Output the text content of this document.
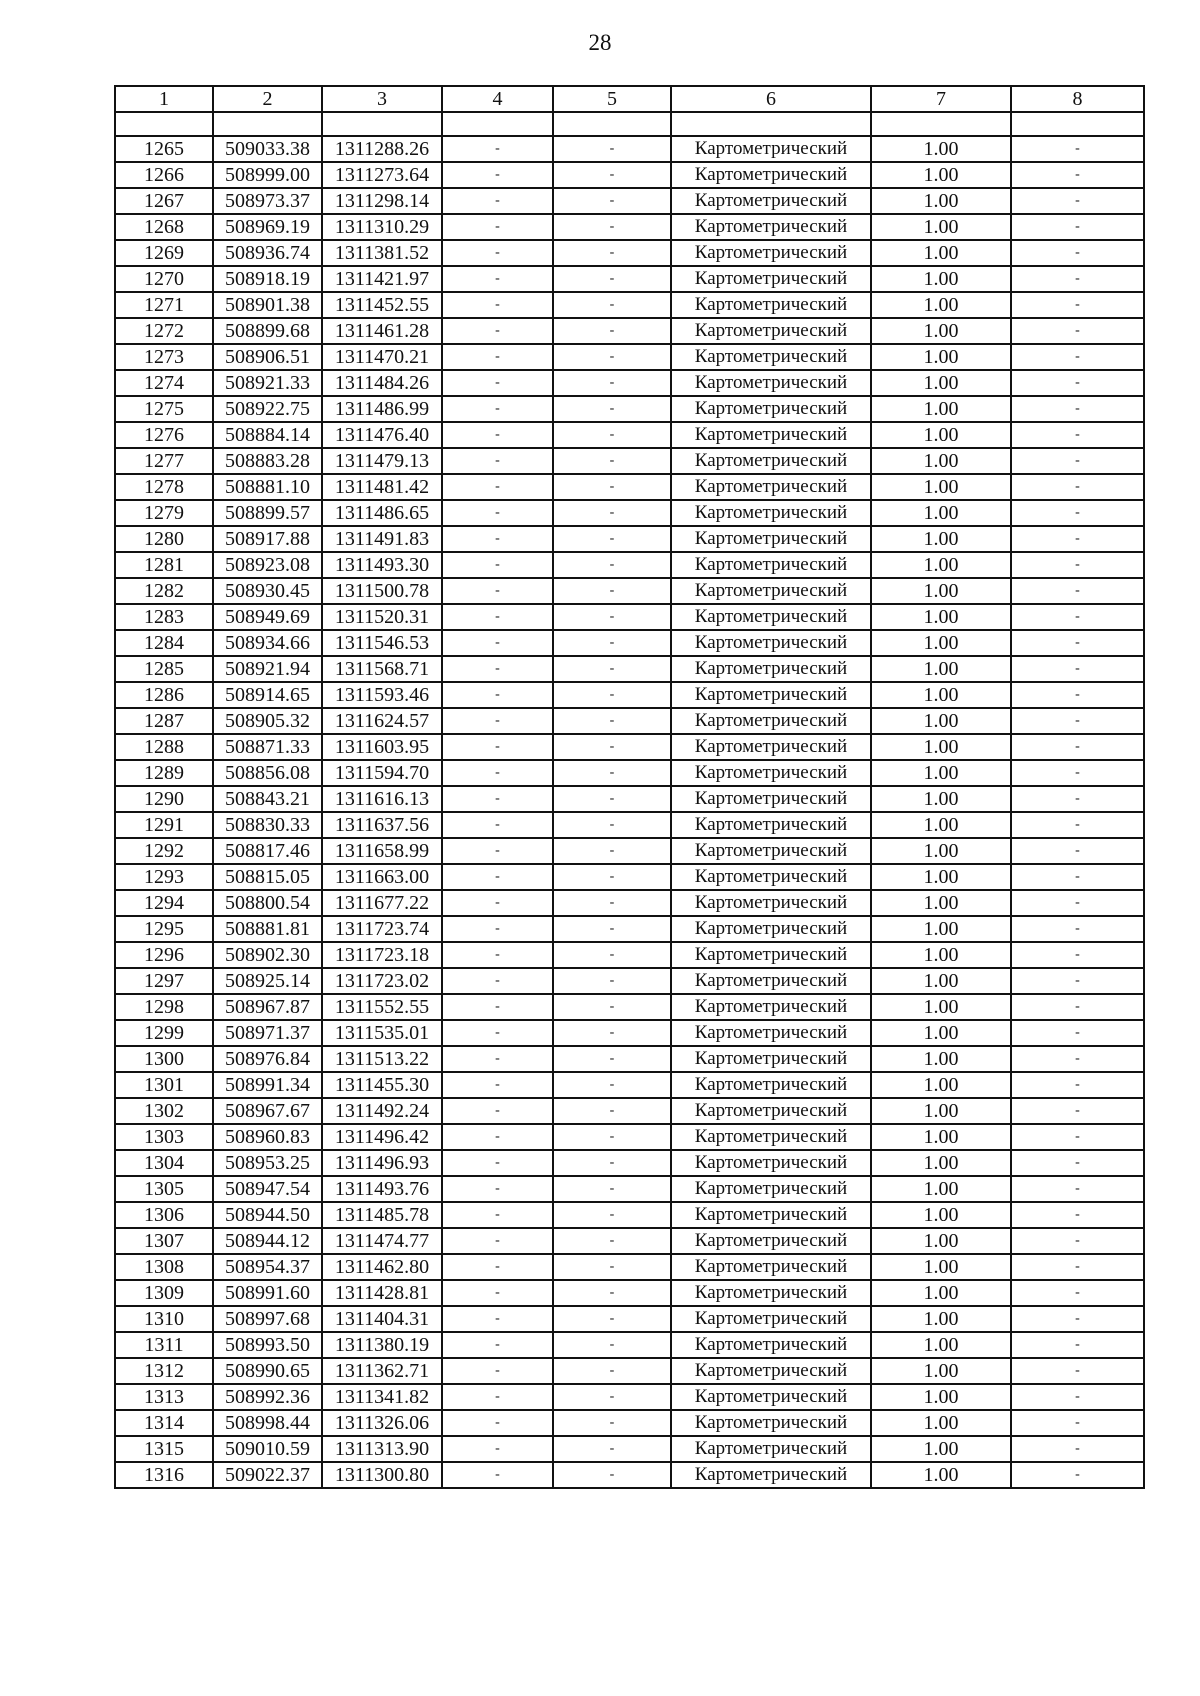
28
1	2	3	4	5	6	7	8

1265	509033.38	1311288.26	-	-	Картометрический	1.00	-
1266	508999.00	1311273.64	-	-	Картометрический	1.00	-
1267	508973.37	1311298.14	-	-	Картометрический	1.00	-
1268	508969.19	1311310.29	-	-	Картометрический	1.00	-
1269	508936.74	1311381.52	-	-	Картометрический	1.00	-
1270	508918.19	1311421.97	-	-	Картометрический	1.00	-
1271	508901.38	1311452.55	-	-	Картометрический	1.00	-
1272	508899.68	1311461.28	-	-	Картометрический	1.00	-
1273	508906.51	1311470.21	-	-	Картометрический	1.00	-
1274	508921.33	1311484.26	-	-	Картометрический	1.00	-
1275	508922.75	1311486.99	-	-	Картометрический	1.00	-
1276	508884.14	1311476.40	-	-	Картометрический	1.00	-
1277	508883.28	1311479.13	-	-	Картометрический	1.00	-
1278	508881.10	1311481.42	-	-	Картометрический	1.00	-
1279	508899.57	1311486.65	-	-	Картометрический	1.00	-
1280	508917.88	1311491.83	-	-	Картометрический	1.00	-
1281	508923.08	1311493.30	-	-	Картометрический	1.00	-
1282	508930.45	1311500.78	-	-	Картометрический	1.00	-
1283	508949.69	1311520.31	-	-	Картометрический	1.00	-
1284	508934.66	1311546.53	-	-	Картометрический	1.00	-
1285	508921.94	1311568.71	-	-	Картометрический	1.00	-
1286	508914.65	1311593.46	-	-	Картометрический	1.00	-
1287	508905.32	1311624.57	-	-	Картометрический	1.00	-
1288	508871.33	1311603.95	-	-	Картометрический	1.00	-
1289	508856.08	1311594.70	-	-	Картометрический	1.00	-
1290	508843.21	1311616.13	-	-	Картометрический	1.00	-
1291	508830.33	1311637.56	-	-	Картометрический	1.00	-
1292	508817.46	1311658.99	-	-	Картометрический	1.00	-
1293	508815.05	1311663.00	-	-	Картометрический	1.00	-
1294	508800.54	1311677.22	-	-	Картометрический	1.00	-
1295	508881.81	1311723.74	-	-	Картометрический	1.00	-
1296	508902.30	1311723.18	-	-	Картометрический	1.00	-
1297	508925.14	1311723.02	-	-	Картометрический	1.00	-
1298	508967.87	1311552.55	-	-	Картометрический	1.00	-
1299	508971.37	1311535.01	-	-	Картометрический	1.00	-
1300	508976.84	1311513.22	-	-	Картометрический	1.00	-
1301	508991.34	1311455.30	-	-	Картометрический	1.00	-
1302	508967.67	1311492.24	-	-	Картометрический	1.00	-
1303	508960.83	1311496.42	-	-	Картометрический	1.00	-
1304	508953.25	1311496.93	-	-	Картометрический	1.00	-
1305	508947.54	1311493.76	-	-	Картометрический	1.00	-
1306	508944.50	1311485.78	-	-	Картометрический	1.00	-
1307	508944.12	1311474.77	-	-	Картометрический	1.00	-
1308	508954.37	1311462.80	-	-	Картометрический	1.00	-
1309	508991.60	1311428.81	-	-	Картометрический	1.00	-
1310	508997.68	1311404.31	-	-	Картометрический	1.00	-
1311	508993.50	1311380.19	-	-	Картометрический	1.00	-
1312	508990.65	1311362.71	-	-	Картометрический	1.00	-
1313	508992.36	1311341.82	-	-	Картометрический	1.00	-
1314	508998.44	1311326.06	-	-	Картометрический	1.00	-
1315	509010.59	1311313.90	-	-	Картометрический	1.00	-
1316	509022.37	1311300.80	-	-	Картометрический	1.00	-
